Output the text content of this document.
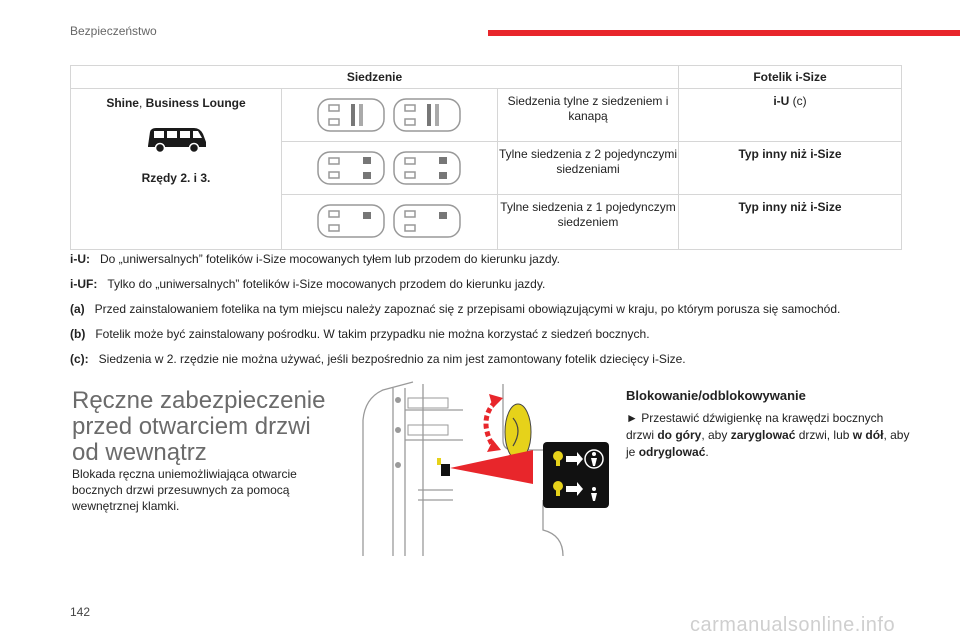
Bezpieczeństwo
Siedzenie			Fotelik i-Size

Shine, Business Lounge
Rzędy 2. i 3.		Siedzenia tylne z siedzeniem i kanapą	i-U (c)

	Tylne siedzenia z 2 pojedynczymi siedzeniami	Typ inny niż i-Size

	Tylne siedzenia z 1 pojedynczym siedzeniem	Typ inny niż i-Size
i-U: Do „uniwersalnych” fotelików i-Size mocowanych tyłem lub przodem do kierunku jazdy.
i-UF: Tylko do „uniwersalnych” fotelików i-Size mocowanych przodem do kierunku jazdy.
(a) Przed zainstalowaniem fotelika na tym miejscu należy zapoznać się z przepisami obowiązującymi w kraju, po którym porusza się samochód.
(b) Fotelik może być zainstalowany pośrodku. W takim przypadku nie można korzystać z siedzeń bocznych.
(c): Siedzenia w 2. rzędzie nie można używać, jeśli bezpośrednio za nim jest zamontowany fotelik dziecięcy i-Size.
Ręczne zabezpieczenie przed otwarciem drzwi od wewnątrz
Blokada ręczna uniemożliwiająca otwarcie bocznych drzwi przesuwnych za pomocą wewnętrznej klamki.
Blokowanie/odblokowywanie
► Przestawić dźwigienkę na krawędzi bocznych drzwi do góry, aby zaryglować drzwi, lub w dół, aby je odryglować.
142
carmanualsonline.info
